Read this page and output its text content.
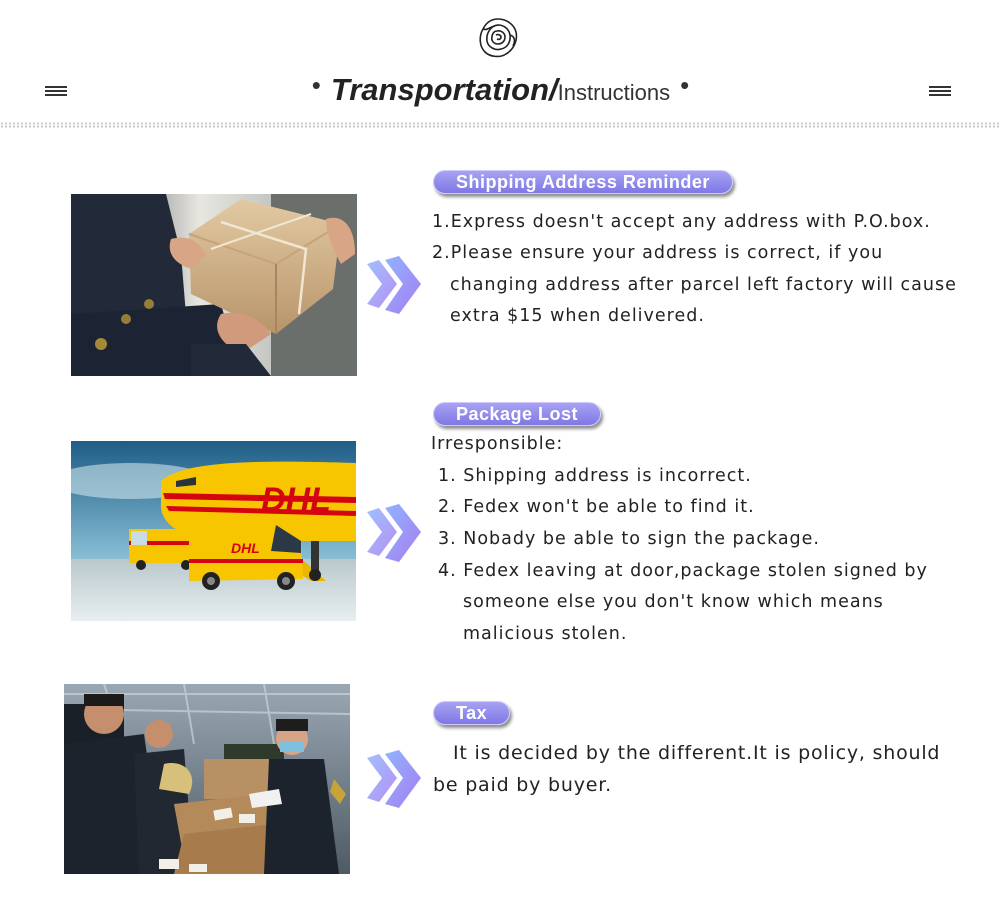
• Transportation/Instructions •
Shipping Address Reminder
1.Express doesn't accept any address with P.O.box.
2.Please ensure your address is correct, if you
changing address after parcel left factory will cause
extra $15 when delivered.
DHL
DHL
Package Lost
Irresponsible:
1. Shipping address is incorrect.
2. Fedex won't be able to find it.
3. Nobady be able to sign the package.
4. Fedex leaving at door,package stolen signed by
someone else you don't know which means
malicious stolen.
Tax
It is decided by the different.It is policy, should
be paid by buyer.
